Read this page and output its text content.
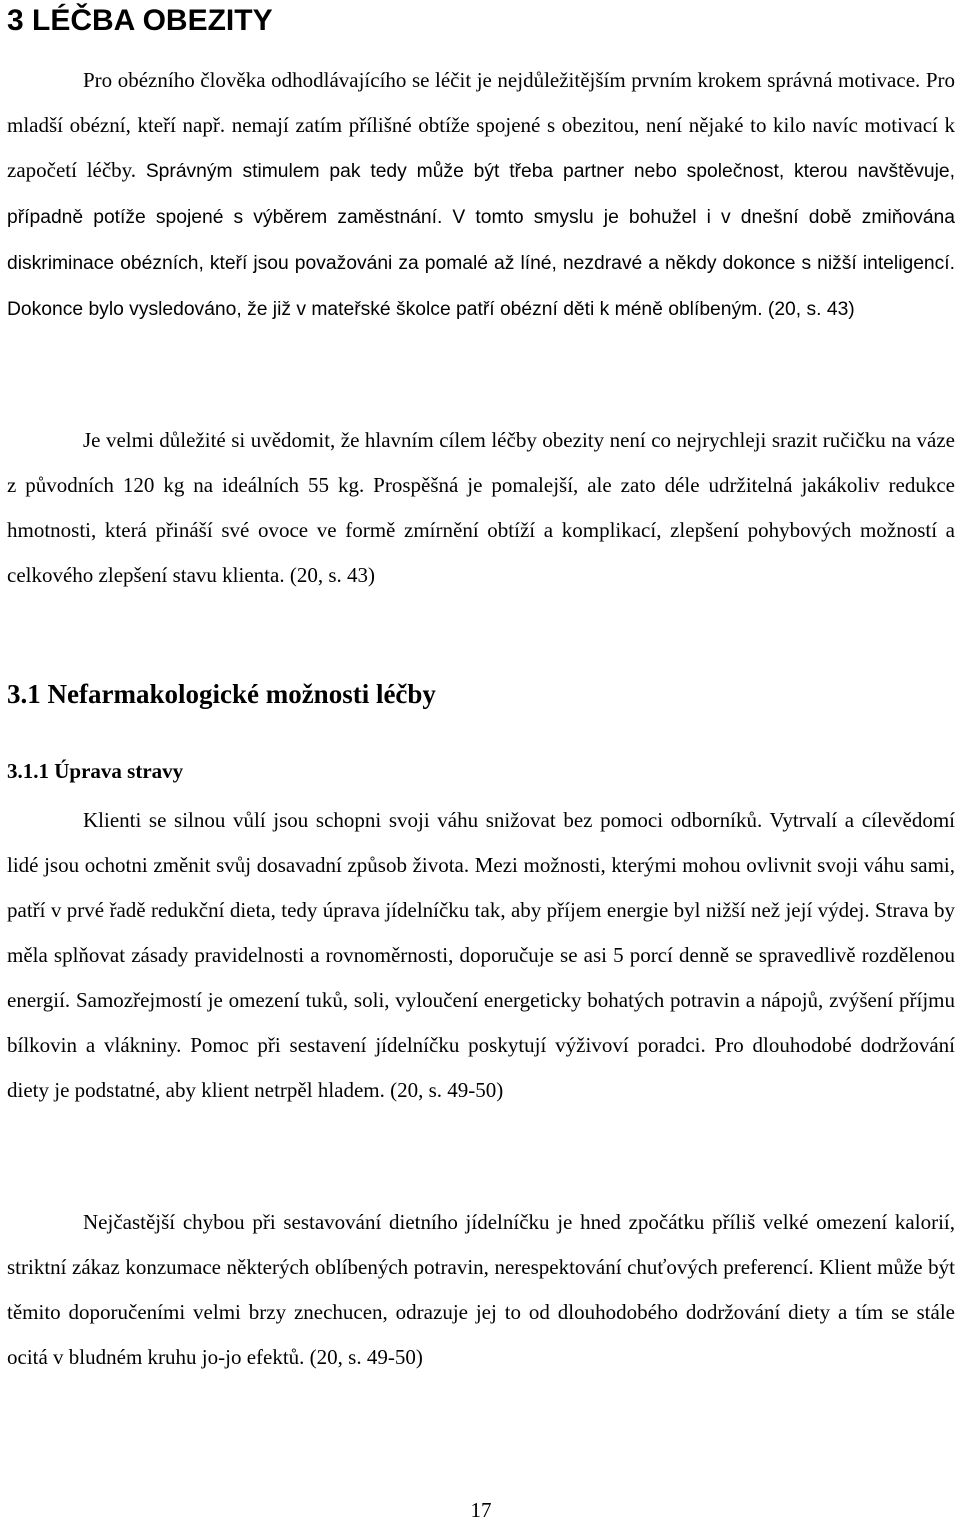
3 LÉČBA OBEZITY

Pro obézního člověka odhodlávajícího se léčit je nejdůležitějším prvním krokem správná motivace. Pro mladší obézní, kteří např. nemají zatím přílišné obtíže spojené s obezitou, není nějaké to kilo navíc motivací k započetí léčby. Správným stimulem pak tedy může být třeba partner nebo společnost, kterou navštěvuje, případně potíže spojené s výběrem zaměstnání. V tomto smyslu je bohužel i v dnešní době zmiňována diskriminace obézních, kteří jsou považováni za pomalé až líné, nezdravé a někdy dokonce s nižší inteligencí. Dokonce bylo vysledováno, že již v mateřské školce patří obézní děti k méně oblíbeným. (20, s. 43)

Je velmi důležité si uvědomit, že hlavním cílem léčby obezity není co nejrychleji srazit ručičku na váze z původních 120 kg na ideálních 55 kg. Prospěšná je pomalejší, ale zato déle udržitelná jakákoliv redukce hmotnosti, která přináší své ovoce ve formě zmírnění obtíží a komplikací, zlepšení pohybových možností a celkového zlepšení stavu klienta. (20, s. 43)

3.1 Nefarmakologické možnosti léčby
3.1.1 Úprava stravy

Klienti se silnou vůlí jsou schopni svoji váhu snižovat bez pomoci odborníků. Vytrvalí a cílevědomí lidé jsou ochotni změnit svůj dosavadní způsob života. Mezi možnosti, kterými mohou ovlivnit svoji váhu sami, patří v prvé řadě redukční dieta, tedy úprava jídelníčku tak, aby příjem energie byl nižší než její výdej. Strava by měla splňovat zásady pravidelnosti a rovnoměrnosti, doporučuje se asi 5 porcí denně se spravedlivě rozdělenou energií. Samozřejmostí je omezení tuků, soli, vyloučení energeticky bohatých potravin a nápojů, zvýšení příjmu bílkovin a vlákniny. Pomoc při sestavení jídelníčku poskytují výživoví poradci. Pro dlouhodobé dodržování diety je podstatné, aby klient netrpěl hladem. (20, s. 49-50)

Nejčastější chybou při sestavování dietního jídelníčku je hned zpočátku příliš velké omezení kalorií, striktní zákaz konzumace některých oblíbených potravin, nerespektování chuťových preferencí. Klient může být těmito doporučeními velmi brzy znechucen, odrazuje jej to od dlouhodobého dodržování diety a tím se stále ocitá v bludném kruhu jo-jo efektů. (20, s. 49-50)

17
